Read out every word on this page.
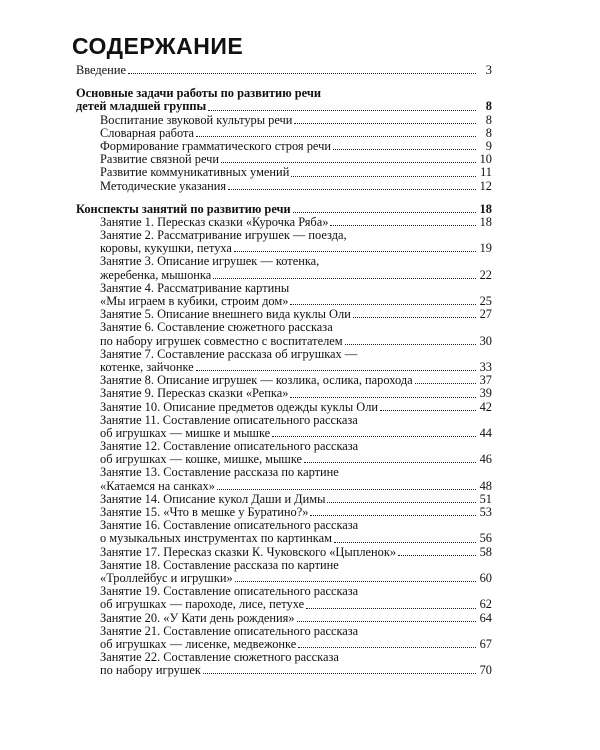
СОДЕРЖАНИЕ
Введение	3
Основные задачи работы по развитию речи
детей младшей группы	8
Воспитание звуковой культуры речи	8
Словарная работа	8
Формирование грамматического строя речи	9
Развитие связной речи	10
Развитие коммуникативных умений	11
Методические указания	12
Конспекты занятий по развитию речи	18
Занятие 1. Пересказ сказки «Курочка Ряба»	18
Занятие 2. Рассматривание игрушек — поезда,
коровы, кукушки, петуха	19
Занятие 3. Описание игрушек — котенка,
жеребенка, мышонка	22
Занятие 4. Рассматривание картины
«Мы играем в кубики, строим дом»	25
Занятие 5. Описание внешнего вида куклы Оли	27
Занятие 6. Составление сюжетного рассказа
по набору игрушек совместно с воспитателем	30
Занятие 7. Составление рассказа об игрушках —
котенке, зайчонке	33
Занятие 8. Описание игрушек — козлика, ослика, парохода	37
Занятие 9. Пересказ сказки «Репка»	39
Занятие 10. Описание предметов одежды куклы Оли	42
Занятие 11. Составление описательного рассказа
об игрушках — мишке и мышке	44
Занятие 12. Составление описательного рассказа
об игрушках — кошке, мишке, мышке	46
Занятие 13. Составление рассказа по картине
«Катаемся на санках»	48
Занятие 14. Описание кукол Даши и Димы	51
Занятие 15. «Что в мешке у Буратино?»	53
Занятие 16. Составление описательного рассказа
о музыкальных инструментах по картинкам	56
Занятие 17. Пересказ сказки К. Чуковского «Цыпленок»	58
Занятие 18. Составление рассказа по картине
«Троллейбус и игрушки»	60
Занятие 19. Составление описательного рассказа
об игрушках — пароходе, лисе, петухе	62
Занятие 20. «У Кати день рождения»	64
Занятие 21. Составление описательного рассказа
об игрушках — лисенке, медвежонке	67
Занятие 22. Составление сюжетного рассказа
по набору игрушек	70
